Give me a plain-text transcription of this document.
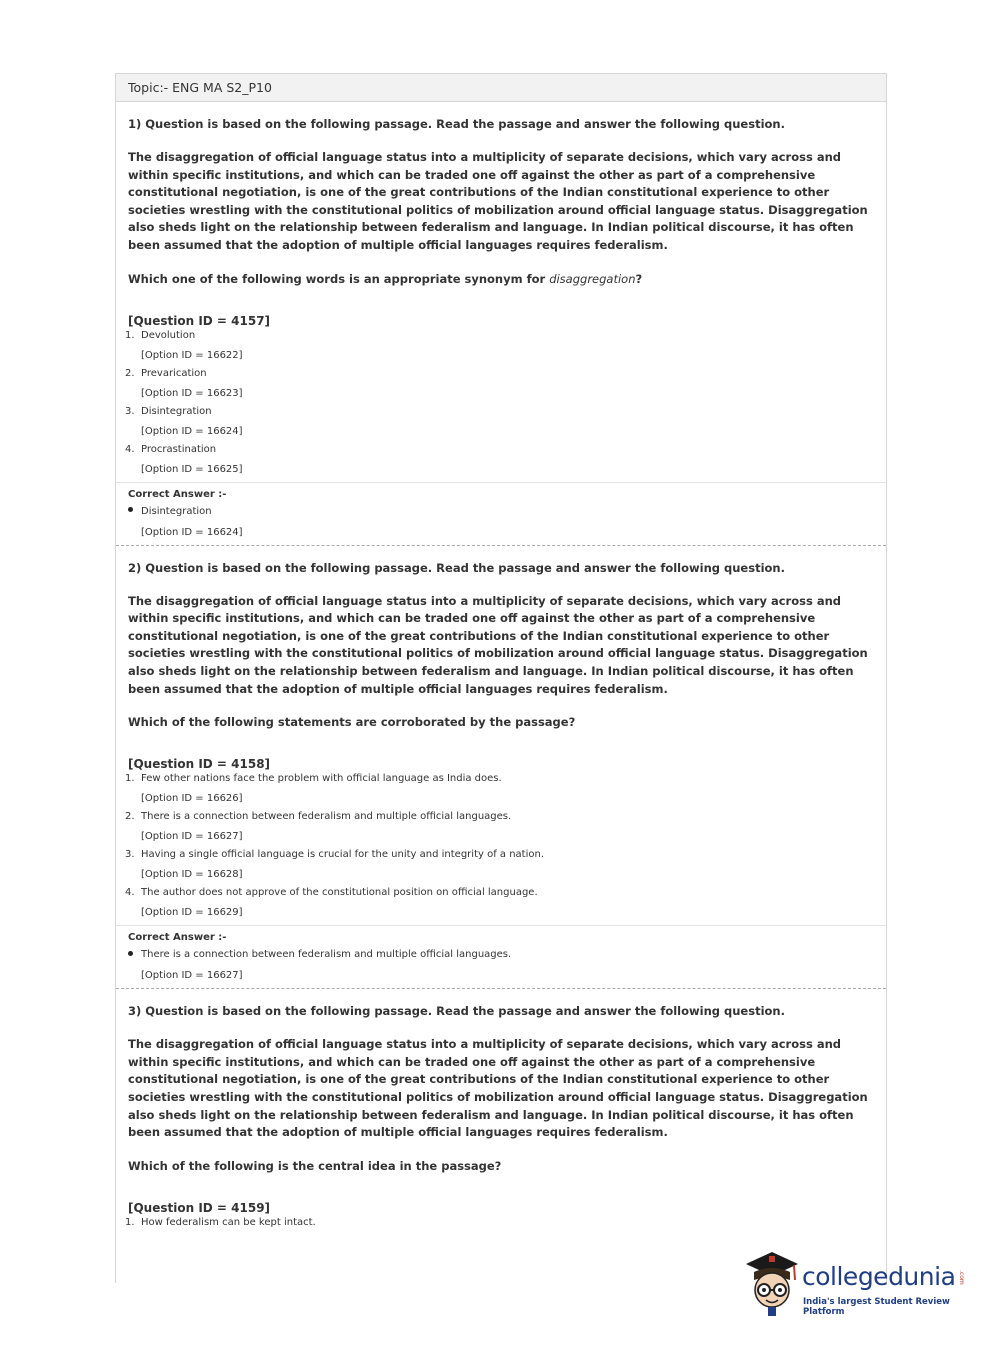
Topic:- ENG MA S2_P10
1) Question is based on the following passage. Read the passage and answer the following question.
The disaggregation of official language status into a multiplicity of separate decisions, which vary across and within specific institutions, and which can be traded one off against the other as part of a comprehensive constitutional negotiation, is one of the great contributions of the Indian constitutional experience to other societies wrestling with the constitutional politics of mobilization around official language status. Disaggregation also sheds light on the relationship between federalism and language. In Indian political discourse, it has often been assumed that the adoption of multiple official languages requires federalism.
Which one of the following words is an appropriate synonym for disaggregation?
[Question ID = 4157]
1. Devolution
[Option ID = 16622]
2. Prevarication
[Option ID = 16623]
3. Disintegration
[Option ID = 16624]
4. Procrastination
[Option ID = 16625]
Correct Answer :-
Disintegration
[Option ID = 16624]
2) Question is based on the following passage. Read the passage and answer the following question.
The disaggregation of official language status into a multiplicity of separate decisions, which vary across and within specific institutions, and which can be traded one off against the other as part of a comprehensive constitutional negotiation, is one of the great contributions of the Indian constitutional experience to other societies wrestling with the constitutional politics of mobilization around official language status. Disaggregation also sheds light on the relationship between federalism and language. In Indian political discourse, it has often been assumed that the adoption of multiple official languages requires federalism.
Which of the following statements are corroborated by the passage?
[Question ID = 4158]
1. Few other nations face the problem with official language as India does.
[Option ID = 16626]
2. There is a connection between federalism and multiple official languages.
[Option ID = 16627]
3. Having a single official language is crucial for the unity and integrity of a nation.
[Option ID = 16628]
4. The author does not approve of the constitutional position on official language.
[Option ID = 16629]
Correct Answer :-
There is a connection between federalism and multiple official languages.
[Option ID = 16627]
3) Question is based on the following passage. Read the passage and answer the following question.
The disaggregation of official language status into a multiplicity of separate decisions, which vary across and within specific institutions, and which can be traded one off against the other as part of a comprehensive constitutional negotiation, is one of the great contributions of the Indian constitutional experience to other societies wrestling with the constitutional politics of mobilization around official language status. Disaggregation also sheds light on the relationship between federalism and language. In Indian political discourse, it has often been assumed that the adoption of multiple official languages requires federalism.
Which of the following is the central idea in the passage?
[Question ID = 4159]
1. How federalism can be kept intact.
collegedunia .com
India's largest Student Review Platform
